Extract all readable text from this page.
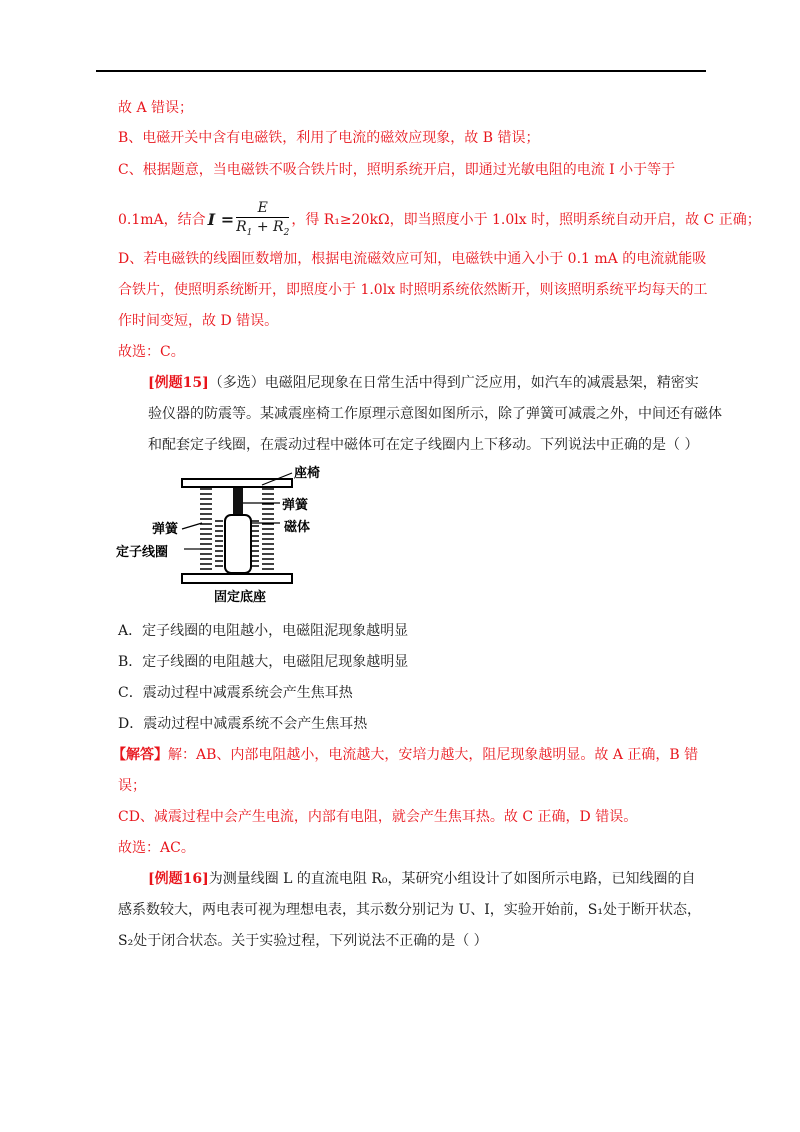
故 A 错误；
B、电磁开关中含有电磁铁，利用了电流的磁效应现象，故 B 错误；
C、根据题意，当电磁铁不吸合铁片时，照明系统开启，即通过光敏电阻的电流 I 小于等于
0.1mA，结合 $I = \frac{E}{R_1 + R_2}$ ，得 R₁≥20kΩ，即当照度小于 1.0lx 时，照明系统自动开启，故 C 正确；
D、若电磁铁的线圈匝数增加，根据电流磁效应可知，电磁铁中通入小于 0.1 mA 的电流就能吸
合铁片，使照明系统断开，即照度小于 1.0lx 时照明系统依然断开，则该照明系统平均每天的工
作时间变短，故 D 错误。
故选：C。
[例题15]（多选）电磁阻尼现象在日常生活中得到广泛应用，如汽车的减震悬架，精密实
验仪器的防震等。某减震座椅工作原理示意图如图所示，除了弹簧可减震之外，中间还有磁体
和配套定子线圈，在震动过程中磁体可在定子线圈内上下移动。下列说法中正确的是（ ）
座椅
弹簧
磁体
弹簧
定子线圈
固定底座
A．定子线圈的电阻越小，电磁阻泥现象越明显
B．定子线圈的电阻越大，电磁阻尼现象越明显
C．震动过程中减震系统会产生焦耳热
D．震动过程中减震系统不会产生焦耳热
【解答】解：AB、内部电阻越小，电流越大，安培力越大，阻尼现象越明显。故 A 正确，B 错
误；
CD、减震过程中会产生电流，内部有电阻，就会产生焦耳热。故 C 正确，D 错误。
故选：AC。
[例题16]为测量线圈 L 的直流电阻 R₀，某研究小组设计了如图所示电路，已知线圈的自
感系数较大，两电表可视为理想电表，其示数分别记为 U、I，实验开始前，S₁处于断开状态，
S₂处于闭合状态。关于实验过程，下列说法不正确的是（ ）
